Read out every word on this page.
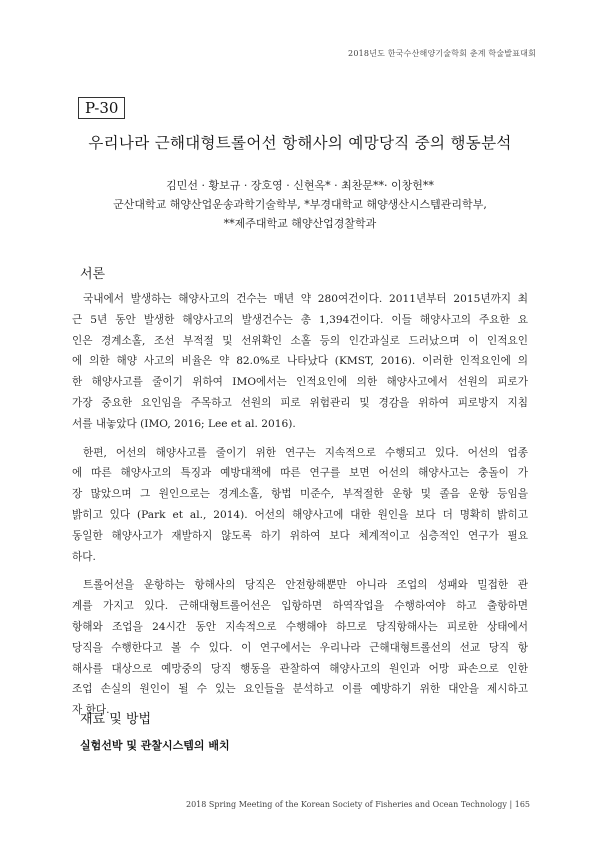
2018년도 한국수산해양기술학회 춘계 학술발표대회
P-30
우리나라 근해대형트롤어선 항해사의 예망당직 중의 행동분석
김민선 · 황보규 · 장호영 · 신현옥* · 최찬문**· 이창헌**
군산대학교 해양산업운송과학기술학부, *부경대학교 해양생산시스템관리학부,
**제주대학교 해양산업경찰학과
서론
국내에서 발생하는 해양사고의 건수는 매년 약 280여건이다. 2011년부터 2015년까지 최
근 5년 동안 발생한 해양사고의 발생건수는 총 1,394건이다. 이들 해양사고의 주요한 요
인은 경계소홀, 조선 부적절 및 선위확인 소홀 등의 인간과실로 드러났으며 이 인적요인
에 의한 해양 사고의 비율은 약 82.0%로 나타났다 (KMST, 2016). 이러한 인적요인에 의
한 해양사고를 줄이기 위하여 IMO에서는 인적요인에 의한 해양사고에서 선원의 피로가
가장 중요한 요인임을 주목하고 선원의 피로 위험관리 및 경감을 위하여 피로방지 지침
서를 내놓았다 (IMO, 2016; Lee et al. 2016).
한편, 어선의 해양사고를 줄이기 위한 연구는 지속적으로 수행되고 있다. 어선의 업종
에 따른 해양사고의 특징과 예방대책에 따른 연구를 보면 어선의 해양사고는 충돌이 가
장 많았으며 그 원인으로는 경계소홀, 항법 미준수, 부적절한 운항 및 졸음 운항 등임을
밝히고 있다 (Park et al., 2014). 어선의 해양사고에 대한 원인을 보다 더 명확히 밝히고
동일한 해양사고가 재발하지 않도록 하기 위하여 보다 체계적이고 심층적인 연구가 필요
하다.
트롤어선을 운항하는 항해사의 당직은 안전항해뿐만 아니라 조업의 성패와 밀접한 관
계를 가지고 있다. 근해대형트롤어선은 입항하면 하역작업을 수행하여야 하고 출항하면
항해와 조업을 24시간 동안 지속적으로 수행해야 하므로 당직항해사는 피로한 상태에서
당직을 수행한다고 볼 수 있다. 이 연구에서는 우리나라 근해대형트롤선의 선교 당직 항
해사를 대상으로 예망중의 당직 행동을 관찰하여 해양사고의 원인과 어망 파손으로 인한
조업 손실의 원인이 될 수 있는 요인들을 분석하고 이를 예방하기 위한 대안을 제시하고
자 한다.
재료 및 방법
실험선박 및 관찰시스템의 배치
2018 Spring Meeting of the Korean Society of Fisheries and Ocean Technology | 165
